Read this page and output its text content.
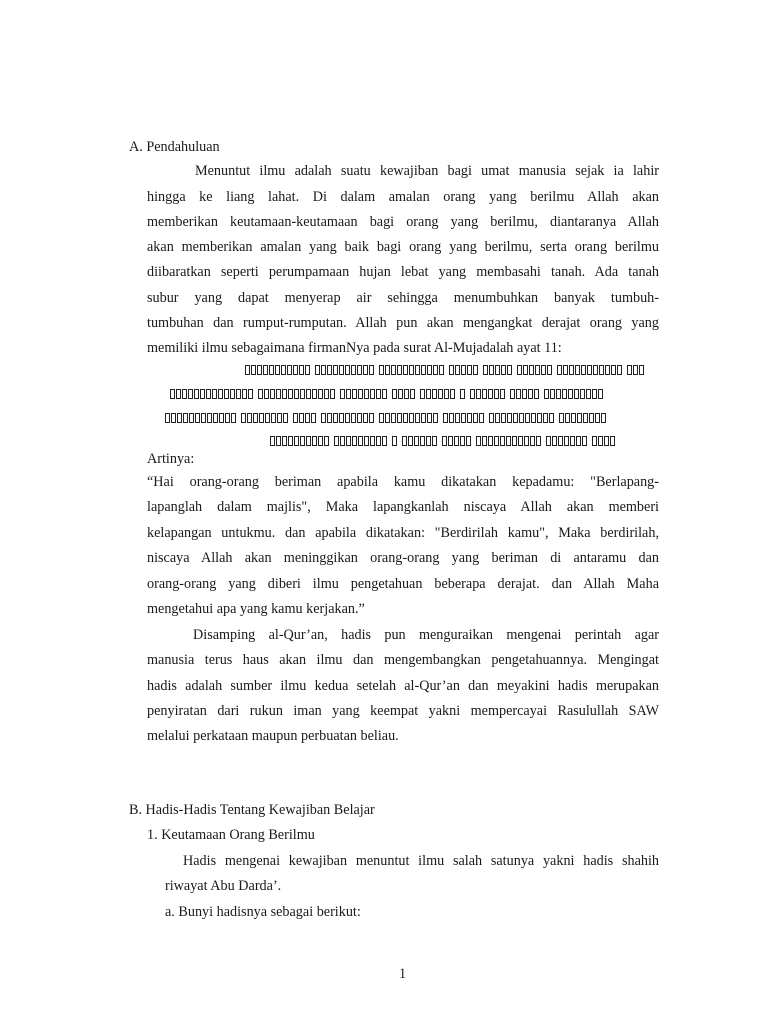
A. Pendahuluan
Menuntut ilmu adalah suatu kewajiban bagi umat manusia sejak ia lahir
hingga ke liang lahat. Di dalam amalan orang yang berilmu Allah akan
memberikan keutamaan-keutamaan bagi orang yang berilmu, diantaranya Allah
akan memberikan amalan yang baik bagi orang yang berilmu, serta orang berilmu
diibaratkan seperti perumpamaan hujan lebat yang membasahi tanah. Ada tanah
subur yang dapat menyerap air sehingga menumbuhkan banyak tumbuh-
tumbuhan dan rumput-rumputan. Allah pun akan mengangkat derajat orang yang
memiliki ilmu sebagaimana firmanNya pada surat Al-Mujadalah ayat 11:
Artinya:
“Hai orang-orang beriman apabila kamu dikatakan kepadamu: "Berlapang-
lapanglah dalam majlis", Maka lapangkanlah niscaya Allah akan memberi
kelapangan untukmu. dan apabila dikatakan: "Berdirilah kamu", Maka berdirilah,
niscaya Allah akan meninggikan orang-orang yang beriman di antaramu dan
orang-orang yang diberi ilmu pengetahuan beberapa derajat. dan Allah Maha
mengetahui apa yang kamu kerjakan.”
Disamping al-Qur’an, hadis pun menguraikan mengenai perintah agar
manusia terus haus akan ilmu dan mengembangkan pengetahuannya. Mengingat
hadis adalah sumber ilmu kedua setelah al-Qur’an dan meyakini hadis merupakan
penyiratan dari rukun iman yang keempat yakni mempercayai Rasulullah SAW
melalui perkataan maupun perbuatan beliau.
B. Hadis-Hadis Tentang Kewajiban Belajar
1. Keutamaan Orang Berilmu
Hadis mengenai kewajiban menuntut ilmu salah satunya yakni hadis shahih
riwayat Abu Darda’.
a. Bunyi hadisnya sebagai berikut:
1
